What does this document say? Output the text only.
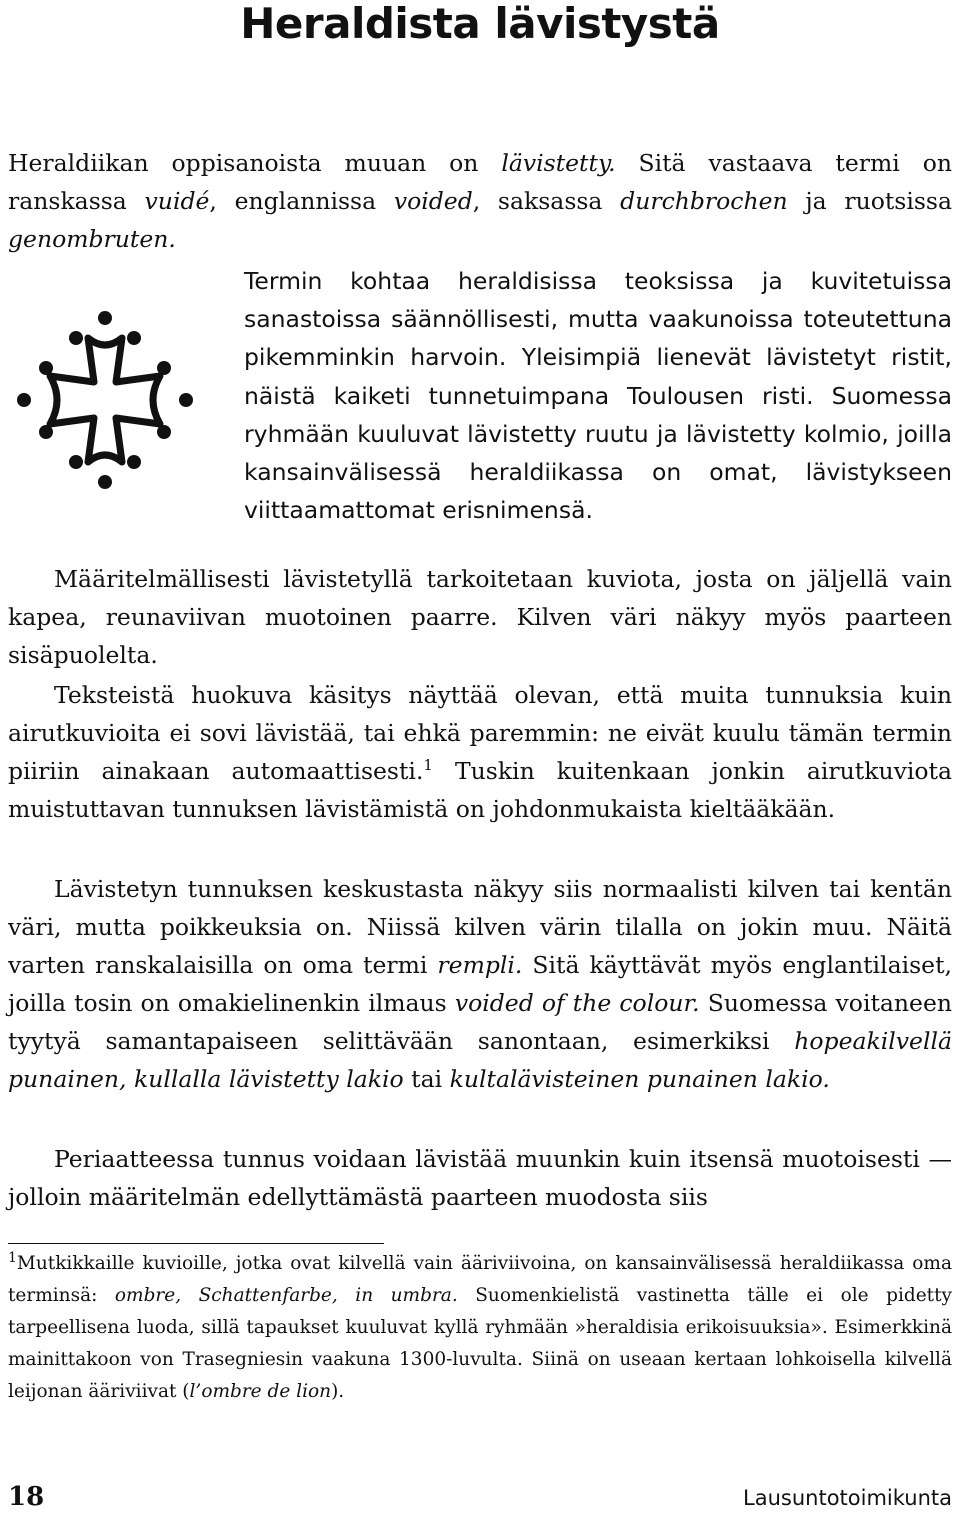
Heraldista lävistystä

Heraldiikan oppisanoista muuan on lävistetty. Sitä vastaava termi on ranskassa vuidé, englannissa voided, saksassa durchbrochen ja ruotsissa genombruten.

Termin kohtaa heraldisissa teoksissa ja kuvitetuissa sanastoissa säännöllisesti, mutta vaakunoissa toteutettuna pikemminkin harvoin. Yleisimpiä lienevät lävistetyt ristit, näistä kaiketi tunnetuimpana Toulousen risti. Suomessa ryhmään kuuluvat lävistetty ruutu ja lävistetty kolmio, joilla kansainvälisessä heraldiikassa on omat, lävistykseen viittaamattomat erisnimensä.

Määritelmällisesti lävistetyllä tarkoitetaan kuviota, josta on jäljellä vain kapea, reunaviivan muotoinen paarre. Kilven väri näkyy myös paarteen sisäpuolelta.

Teksteistä huokuva käsitys näyttää olevan, että muita tunnuksia kuin airutkuvioita ei sovi lävistää, tai ehkä paremmin: ne eivät kuulu tämän termin piiriin ainakaan automaattisesti.$^1$ Tuskin kuitenkaan jonkin airutkuviota muistuttavan tunnuksen lävistämistä on johdonmukaista kieltääkään.

Lävistetyn tunnuksen keskustasta näkyy siis normaalisti kilven tai kentän väri, mutta poikkeuksia on. Niissä kilven värin tilalla on jokin muu. Näitä varten ranskalaisilla on oma termi rempli. Sitä käyttävät myös englantilaiset, joilla tosin on omakielinenkin ilmaus voided of the colour. Suomessa voitaneen tyytyä samantapaiseen selittävään sanontaan, esimerkiksi hopeakilvellä punainen, kullalla lävistetty lakio tai kultalävisteinen punainen lakio.

Periaatteessa tunnus voidaan lävistää muunkin kuin itsensä muotoisesti — jolloin määritelmän edellyttämästä paarteen muodosta siis

$^1$Mutkikkaille kuvioille, jotka ovat kilvellä vain ääriviivoina, on kansainvälisessä heraldiikassa oma terminsä: ombre, Schattenfarbe, in umbra. Suomenkielistä vastinetta tälle ei ole pidetty tarpeellisena luoda, sillä tapaukset kuuluvat kyllä ryhmään »heraldisia erikoisuuksia». Esimerkkinä mainittakoon von Trasegniesin vaakuna 1300-luvulta. Siinä on useaan kertaan lohkoisella kilvellä leijonan ääriviivat (l’ombre de lion).

18	Lausuntotoimikunta
